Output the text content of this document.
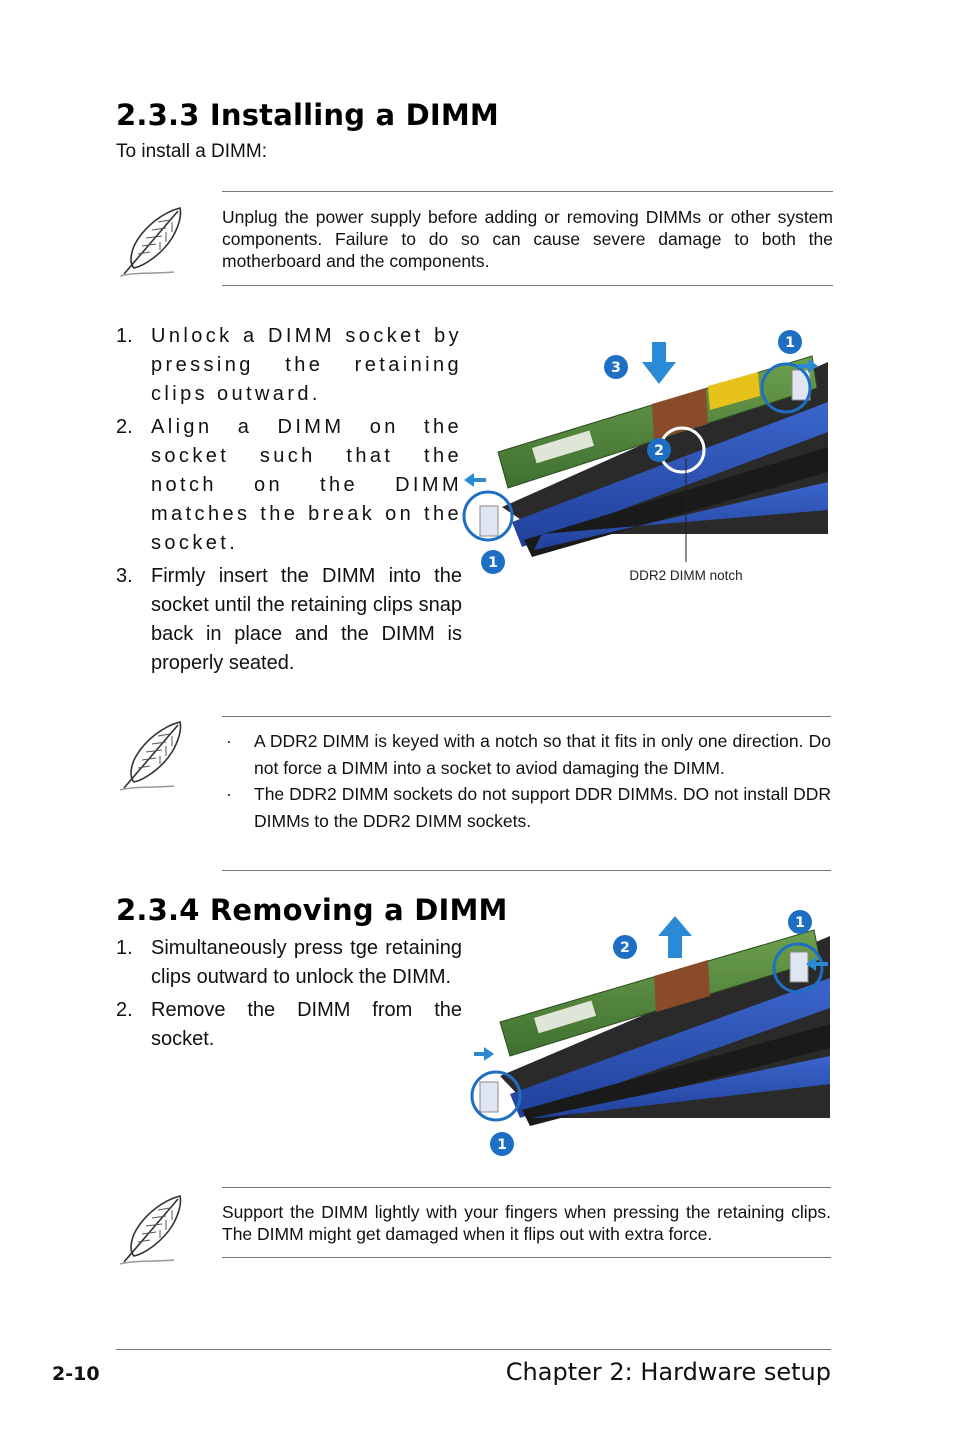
2.3.3 Installing a DIMM
To install a DIMM:
Unplug the power supply before adding or removing DIMMs or other system components. Failure to do so can cause severe damage to both the motherboard and the components.
1. Unlock a DIMM socket by pressing the retaining clips outward.
2. Align a DIMM on the socket such that the notch on the DIMM matches the break on the socket.
3. Firmly insert the DIMM into the socket until the retaining clips snap back in place and the DIMM is properly seated.
3
2
1
1
DDR2 DIMM notch
· A DDR2 DIMM is keyed with a notch so that it fits in only one direction. Do not force a DIMM into a socket to aviod damaging the DIMM.
· The DDR2 DIMM sockets do not support DDR DIMMs. DO not install DDR DIMMs to the DDR2 DIMM sockets.
2.3.4 Removing a DIMM
1. Simultaneously press tge retaining clips outward to unlock the DIMM.
2. Remove the DIMM from the socket.
2
1
1
Support the DIMM lightly with your fingers when pressing the retaining clips. The DIMM might get damaged when it flips out with extra force.
2-10	Chapter 2: Hardware setup
